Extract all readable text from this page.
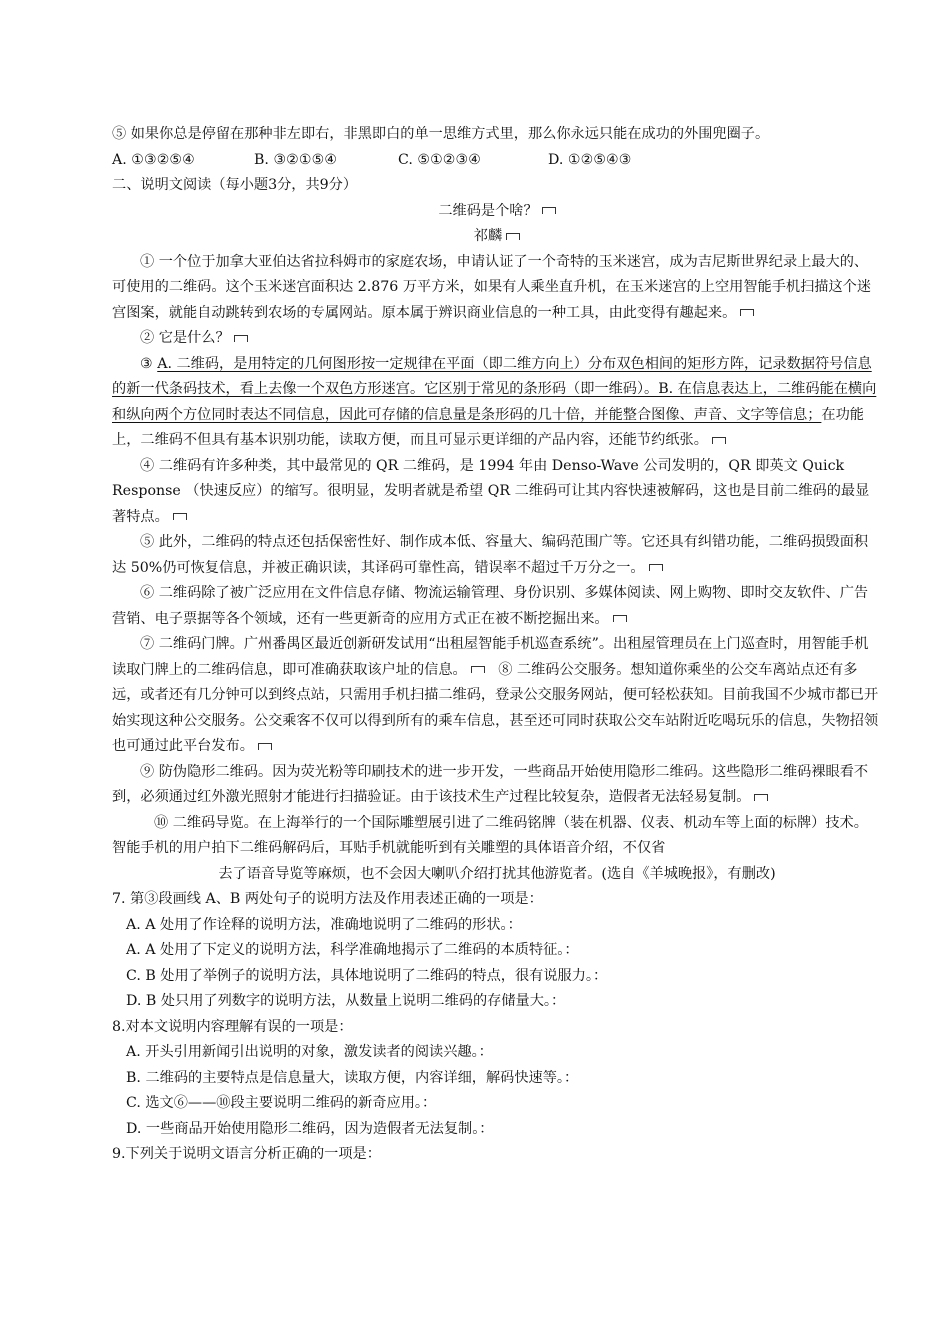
⑤ 如果你总是停留在那种非左即右，非黑即白的单一思维方式里，那么你永远只能在成功的外围兜圈子。

A. ①③②⑤④	B. ③②①⑤④	C. ⑤①②③④	D. ①②⑤④③

二、说明文阅读（每小题3分，共9分）

二维码是个啥？

祁麟

① 一个位于加拿大亚伯达省拉科姆市的家庭农场，申请认证了一个奇特的玉米迷宫，成为吉尼斯世界纪录上最大的、可使用的二维码。这个玉米迷宫面积达 2.876 万平方米，如果有人乘坐直升机，在玉米迷宫的上空用智能手机扫描这个迷宫图案，就能自动跳转到农场的专属网站。原本属于辨识商业信息的一种工具，由此变得有趣起来。

② 它是什么？

③ A. 二维码，是用特定的几何图形按一定规律在平面（即二维方向上）分布双色相间的矩形方阵，记录数据符号信息的新一代条码技术，看上去像一个双色方形迷宫。它区别于常见的条形码（即一维码）。B. 在信息表达上，二维码能在横向和纵向两个方位同时表达不同信息，因此可存储的信息量是条形码的几十倍，并能整合图像、声音、文字等信息；在功能上，二维码不但具有基本识别功能，读取方便，而且可显示更详细的产品内容，还能节约纸张。

④ 二维码有许多种类，其中最常见的 QR 二维码，是 1994 年由 Denso-Wave 公司发明的，QR 即英文 Quick Response （快速反应）的缩写。很明显，发明者就是希望 QR 二维码可让其内容快速被解码，这也是目前二维码的最显著特点。

⑤ 此外，二维码的特点还包括保密性好、制作成本低、容量大、编码范围广等。它还具有纠错功能，二维码损毁面积达 50%仍可恢复信息，并被正确识读，其译码可靠性高，错误率不超过千万分之一。

⑥ 二维码除了被广泛应用在文件信息存储、物流运输管理、身份识别、多媒体阅读、网上购物、即时交友软件、广告营销、电子票据等各个领域，还有一些更新奇的应用方式正在被不断挖掘出来。

⑦ 二维码门牌。广州番禺区最近创新研发试用“出租屋智能手机巡查系统”。出租屋管理员在上门巡查时，用智能手机读取门牌上的二维码信息，即可准确获取该户址的信息。 ⑧ 二维码公交服务。想知道你乘坐的公交车离站点还有多远，或者还有几分钟可以到终点站，只需用手机扫描二维码，登录公交服务网站，便可轻松获知。目前我国不少城市都已开始实现这种公交服务。公交乘客不仅可以得到所有的乘车信息，甚至还可同时获取公交车站附近吃喝玩乐的信息，失物招领也可通过此平台发布。

⑨ 防伪隐形二维码。因为荧光粉等印刷技术的进一步开发，一些商品开始使用隐形二维码。这些隐形二维码裸眼看不到，必须通过红外激光照射才能进行扫描验证。由于该技术生产过程比较复杂，造假者无法轻易复制。

⑩ 二维码导览。在上海举行的一个国际雕塑展引进了二维码铭牌（装在机器、仪表、机动车等上面的标牌）技术。智能手机的用户拍下二维码解码后，耳贴手机就能听到有关雕塑的具体语音介绍，不仅省

去了语音导览等麻烦，也不会因大喇叭介绍打扰其他游览者。(选自《羊城晚报》，有删改)

7. 第③段画线 A、B 两处句子的说明方法及作用表述正确的一项是：

A. A 处用了作诠释的说明方法，准确地说明了二维码的形状。：

A. A 处用了下定义的说明方法，科学准确地揭示了二维码的本质特征。：

C. B 处用了举例子的说明方法，具体地说明了二维码的特点，很有说服力。：

D. B 处只用了列数字的说明方法，从数量上说明二维码的存储量大。：

8.对本文说明内容理解有误的一项是：

A. 开头引用新闻引出说明的对象，激发读者的阅读兴趣。：

B. 二维码的主要特点是信息量大，读取方便，内容详细，解码快速等。：

C. 选文⑥——⑩段主要说明二维码的新奇应用。：

D. 一些商品开始使用隐形二维码，因为造假者无法复制。：

9.下列关于说明文语言分析正确的一项是：
